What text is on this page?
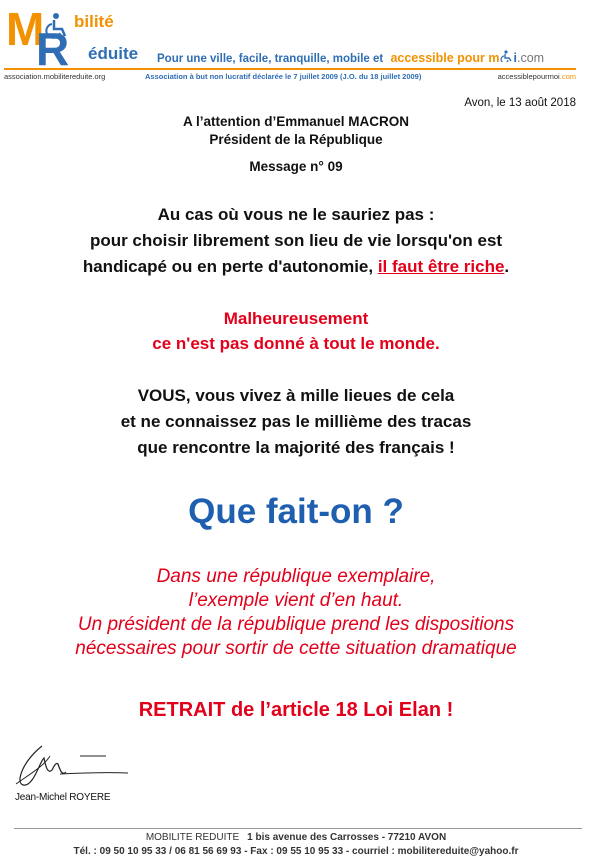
M
R
bilité
éduite Pour une ville, facile, tranquille, mobile et accessible pour m i.com
association.mobilitereduite.org	Association à but non lucratif déclarée le 7 juillet 2009 (J.O. du 18 juillet 2009)	accessiblepourmoi.com
Avon, le 13 août 2018
A l’attention d’Emmanuel MACRON
Président de la République
Message n° 09
Au cas où vous ne le sauriez pas :
pour choisir librement son lieu de vie lorsqu'on est
handicapé ou en perte d'autonomie, il faut être riche.
Malheureusement
ce n'est pas donné à tout le monde.
VOUS, vous vivez à mille lieues de cela
et ne connaissez pas le millième des tracas
que rencontre la majorité des français !
Que fait-on ?
Dans une république exemplaire,
l’exemple vient d’en haut.
Un président de la république prend les dispositions
nécessaires pour sortir de cette situation dramatique
RETRAIT de l’article 18 Loi Elan !
Jean-Michel ROYERE
MOBILITE REDUITE 1 bis avenue des Carrosses - 77210 AVON
Tél. : 09 50 10 95 33 / 06 81 56 69 93 - Fax : 09 55 10 95 33 - courriel : mobilitereduite@yahoo.fr
